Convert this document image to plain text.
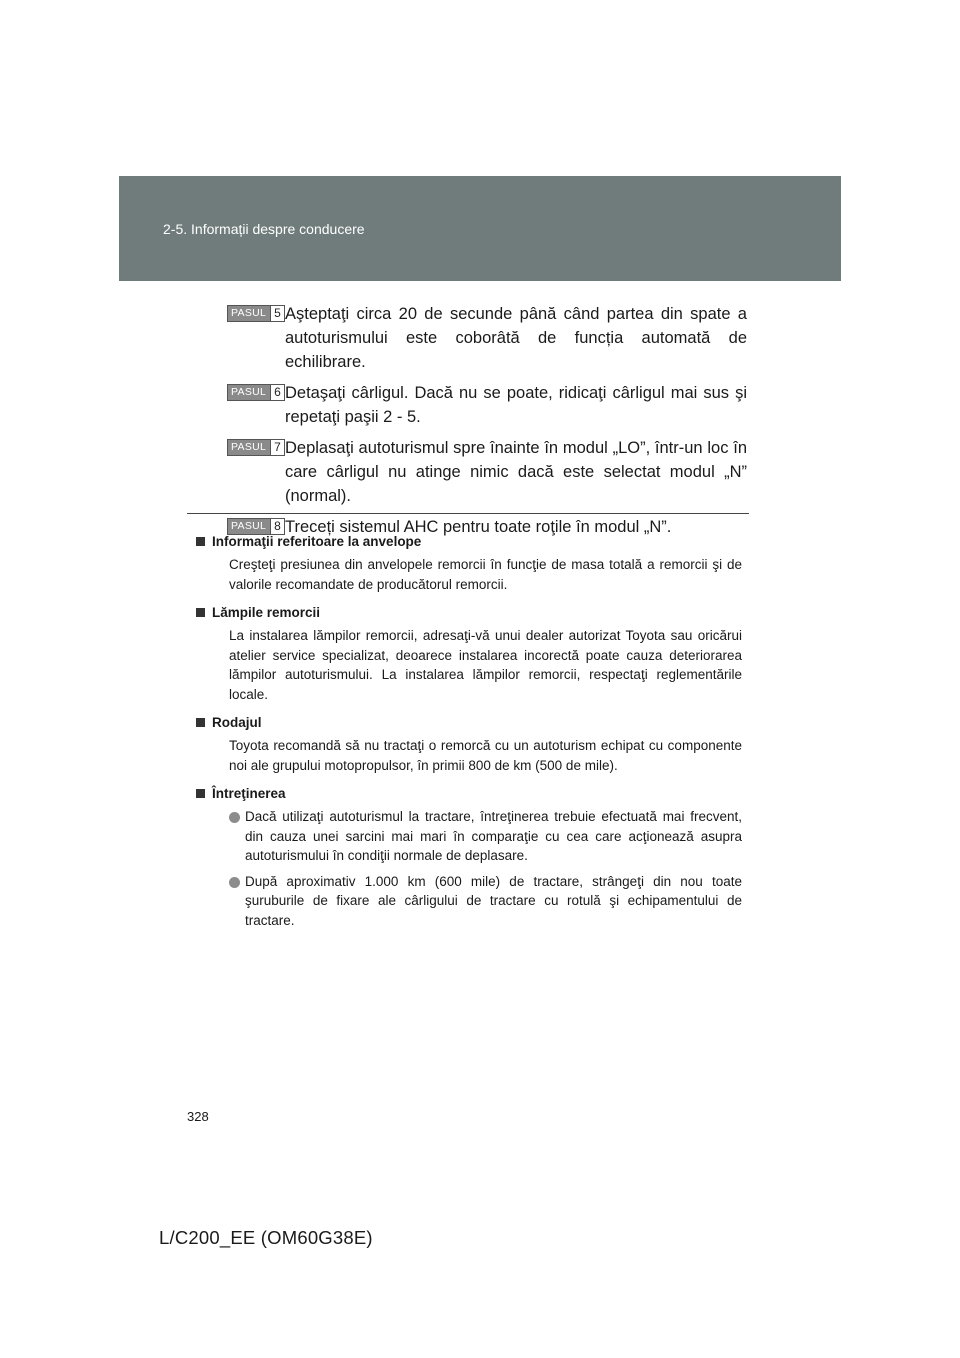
2-5. Informații despre conducere
PASUL 5 Aşteptaţi circa 20 de secunde până când partea din spate a autoturismului este coborâtă de funcția automată de echilibrare.
PASUL 6 Detaşaţi cârligul. Dacă nu se poate, ridicaţi cârligul mai sus şi repetaţi paşii 2 - 5.
PASUL 7 Deplasaţi autoturismul spre înainte în modul „LO”, într-un loc în care cârligul nu atinge nimic dacă este selectat modul „N” (normal).
PASUL 8 Treceți sistemul AHC pentru toate roţile în modul „N”.
Informaţii referitoare la anvelope
Creşteţi presiunea din anvelopele remorcii în funcţie de masa totală a remorcii şi de valorile recomandate de producătorul remorcii.
Lămpile remorcii
La instalarea lămpilor remorcii, adresaţi-vă unui dealer autorizat Toyota sau oricărui atelier service specializat, deoarece instalarea incorectă poate cauza deteriorarea lămpilor autoturismului. La instalarea lămpilor remorcii, respectaţi reglementările locale.
Rodajul
Toyota recomandă să nu tractaţi o remorcă cu un autoturism echipat cu componente noi ale grupului motopropulsor, în primii 800 de km (500 de mile).
Întreţinerea
Dacă utilizaţi autoturismul la tractare, întreţinerea trebuie efectuată mai frecvent, din cauza unei sarcini mai mari în comparaţie cu cea care acţionează asupra autoturismului în condiţii normale de deplasare.
După aproximativ 1.000 km (600 mile) de tractare, strângeţi din nou toate şuruburile de fixare ale cârligului de tractare cu rotulă şi echipamentului de tractare.
328
L/C200_EE (OM60G38E)
